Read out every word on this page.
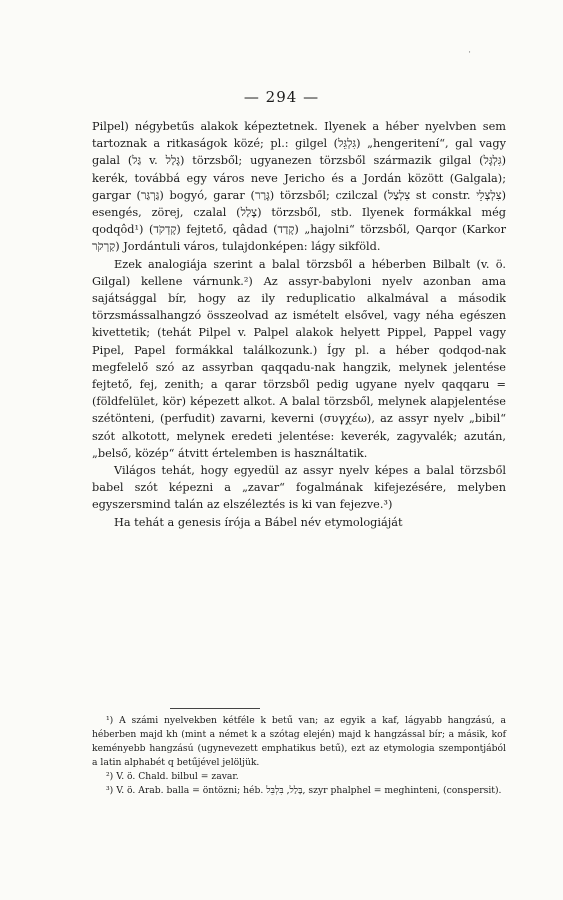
·
— 294 —

Pilpel) négybetűs alakok képeztetnek. Ilyenek a héber nyelvben sem tartoznak a ritkaságok közé; pl.: gilgel (גִּלְגֵּל) „hengeritení“, gal vagy galal (גַּל v. גָּלַל) törzsből; ugyanezen törzsből származik gilgal (גִּלְגָּל) kerék, továbbá egy város neve Jericho és a Jordán között (Galgala); gargar (גַּרְגַּר) bogyó, garar (גָּרַר) törzsből; czilczal (צִלְצַל st constr. צִלְצְלֵי) esengés, zörej, czalal (צָלַל) törzsből, stb. Ilyenek formákkal még qodqôd¹) (קָדְקֹד) fejtető, qâdad (קָדַד) „hajolni“ törzsből, Qarqor (Karkor קַרְקֹר) Jordántuli város, tulajdonképen: lágy sikföld.

Ezek analogiája szerint a balal törzsből a héberben Bilbalt (v. ö. Gilgal) kellene várnunk.²) Az assyr-babyloni nyelv azonban ama sajátsággal bír, hogy az ily reduplicatio alkalmával a második törzsmássalhangzó összeolvad az ismételt elsővel, vagy néha egészen kivettetik; (tehát Pilpel v. Palpel alakok helyett Pippel, Pappel vagy Pipel, Papel formákkal találkozunk.) Így pl. a héber qodqod-nak megfelelő szó az assyrban qaqqadu-nak hangzik, melynek jelentése fejtető, fej, zenith; a qarar törzsből pedig ugyane nyelv qaqqaru = (földfelület, kör) képezett alkot. A balal törzsből, melynek alapjelentése szétönteni, (perfudit) zavarni, keverni (συγχέω), az assyr nyelv „bibil“ szót alkotott, melynek eredeti jelentése: keverék, zagyvalék; azután, „belső, közép“ átvitt értelemben is használtatik.

Világos tehát, hogy egyedül az assyr nyelv képes a balal törzsből babel szót képezni a „zavar“ fogalmának kifejezésére, melyben egyszersmind talán az elszéleztés is ki van fejezve.³)

Ha tehát a genesis írója a Bábel név etymologiáját

¹) A számi nyelvekben kétféle k betű van; az egyik a kaf, lágyabb hangzású, a héberben majd kh (mint a német k a szótag elején) majd k hangzással bír; a másik, kof keményebb hangzású (ugynevezett emphatikus betű), ezt az etymologia szempontjából a latin alphabét q betűjével jelöljük.

²) V. ö. Chald. bilbul = zavar.

³) V. ö. Arab. balla = öntözni; héb. בָּלַל, בִּלְבֵּל, szyr phalphel = meghinteni, (conspersit).
